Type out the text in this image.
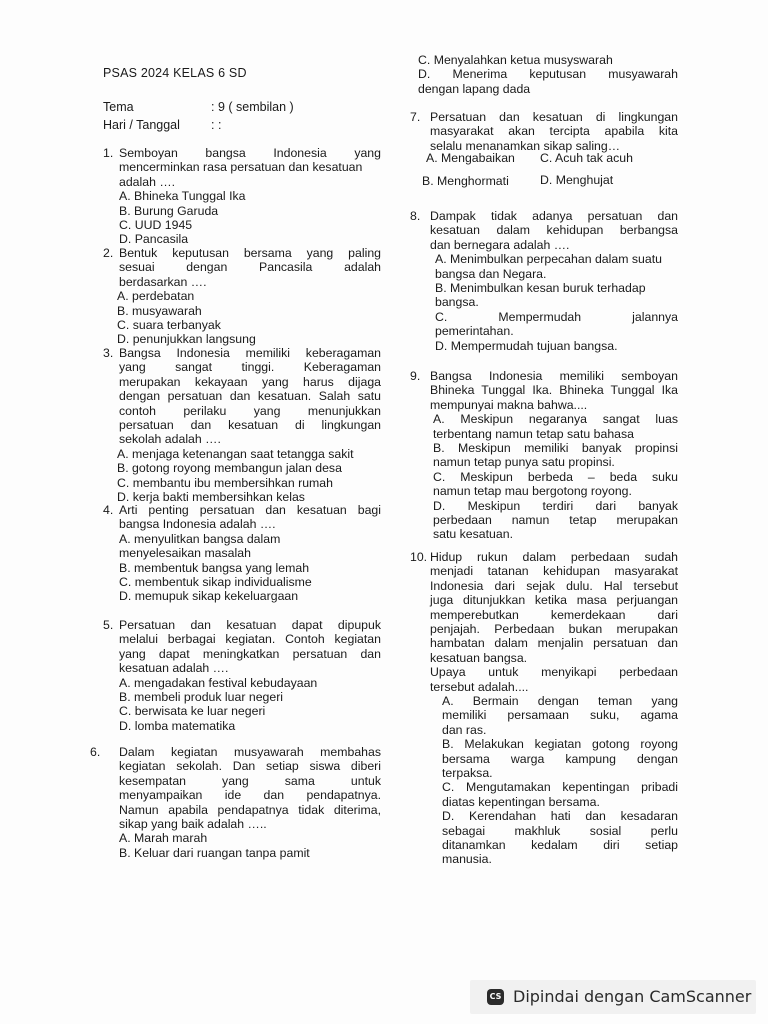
PSAS 2024 KELAS 6 SD
Tema	: 9 ( sembilan )
Hari / Tanggal : :
1. Semboyan bangsa Indonesia yang
mencerminkan rasa persatuan dan kesatuan
adalah ….
A. Bhineka Tunggal Ika
B. Burung Garuda
C. UUD 1945
D. Pancasila
2. Bentuk keputusan bersama yang paling
sesuai dengan Pancasila adalah
berdasarkan ….
A. perdebatan
B. musyawarah
C. suara terbanyak
D. penunjukkan langsung
3. Bangsa Indonesia memiliki keberagaman
yang sangat tinggi. Keberagaman
merupakan kekayaan yang harus dijaga
dengan persatuan dan kesatuan. Salah satu
contoh perilaku yang menunjukkan
persatuan dan kesatuan di lingkungan
sekolah adalah ….
A. menjaga ketenangan saat tetangga sakit
B. gotong royong membangun jalan desa
C. membantu ibu membersihkan rumah
D. kerja bakti membersihkan kelas
4. Arti penting persatuan dan kesatuan bagi
bangsa Indonesia adalah ….
A. menyulitkan bangsa dalam
menyelesaikan masalah
B. membentuk bangsa yang lemah
C. membentuk sikap individualisme
D. memupuk sikap kekeluargaan
5. Persatuan dan kesatuan dapat dipupuk
melalui berbagai kegiatan. Contoh kegiatan
yang dapat meningkatkan persatuan dan
kesatuan adalah ….
A. mengadakan festival kebudayaan
B. membeli produk luar negeri
C. berwisata ke luar negeri
D. lomba matematika
6. Dalam kegiatan musyawarah membahas
kegiatan sekolah. Dan setiap siswa diberi
kesempatan yang sama untuk
menyampaikan ide dan pendapatnya.
Namun apabila pendapatnya tidak diterima,
sikap yang baik adalah …..
A. Marah marah
B. Keluar dari ruangan tanpa pamit
C. Menyalahkan ketua musyswarah
D. Menerima keputusan musyawarah
dengan lapang dada
7. Persatuan dan kesatuan di lingkungan
masyarakat akan tercipta apabila kita
selalu menanamkan sikap saling…
A. Mengabaikan C. Acuh tak acuh
B. Menghormati	D. Menghujat
8. Dampak tidak adanya persatuan dan
kesatuan dalam kehidupan berbangsa
dan bernegara adalah ….
A. Menimbulkan perpecahan dalam suatu
bangsa dan Negara.
B. Menimbulkan kesan buruk terhadap
bangsa.
C. Mempermudah jalannya
pemerintahan.
D. Mempermudah tujuan bangsa.
9. Bangsa Indonesia memiliki semboyan
Bhineka Tunggal Ika. Bhineka Tunggal Ika
mempunyai makna bahwa....
A. Meskipun negaranya sangat luas
terbentang namun tetap satu bahasa
B. Meskipun memiliki banyak propinsi
namun tetap punya satu propinsi.
C. Meskipun berbeda – beda suku
namun tetap mau bergotong royong.
D. Meskipun terdiri dari banyak
perbedaan namun tetap merupakan
satu kesatuan.
10. Hidup rukun dalam perbedaan sudah
menjadi tatanan kehidupan masyarakat
Indonesia dari sejak dulu. Hal tersebut
juga ditunjukkan ketika masa perjuangan
memperebutkan kemerdekaan dari
penjajah. Perbedaan bukan merupakan
hambatan dalam menjalin persatuan dan
kesatuan bangsa.
Upaya untuk menyikapi perbedaan
tersebut adalah....
A. Bermain dengan teman yang
memiliki persamaan suku, agama
dan ras.
B. Melakukan kegiatan gotong royong
bersama warga kampung dengan
terpaksa.
C. Mengutamakan kepentingan pribadi
diatas kepentingan bersama.
D. Kerendahan hati dan kesadaran
sebagai makhluk sosial perlu
ditanamkan kedalam diri setiap
manusia.
CS Dipindai dengan CamScanner
